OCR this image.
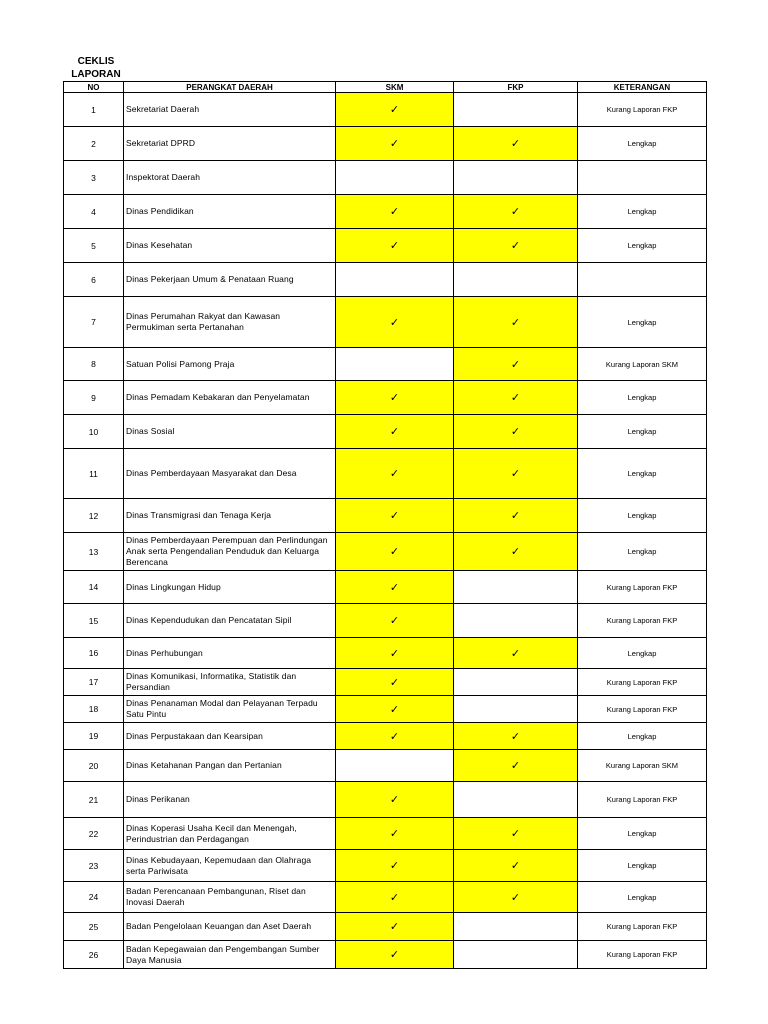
CEKLIS
LAPORAN
NO	PERANGKAT DAERAH	SKM	FKP	KETERANGAN
1	Sekretariat Daerah	✓		Kurang Laporan FKP
2	Sekretariat DPRD	✓	✓	Lengkap
3	Inspektorat Daerah			
4	Dinas Pendidikan	✓	✓	Lengkap
5	Dinas Kesehatan	✓	✓	Lengkap
6	Dinas Pekerjaan Umum & Penataan Ruang			
7	Dinas Perumahan Rakyat dan Kawasan Permukiman serta Pertanahan	✓	✓	Lengkap
8	Satuan Polisi Pamong Praja		✓	Kurang Laporan SKM
9	Dinas Pemadam Kebakaran dan Penyelamatan	✓	✓	Lengkap
10	Dinas Sosial	✓	✓	Lengkap
11	Dinas Pemberdayaan Masyarakat dan Desa	✓	✓	Lengkap
12	Dinas Transmigrasi dan Tenaga Kerja	✓	✓	Lengkap
13	Dinas Pemberdayaan Perempuan dan Perlindungan Anak serta Pengendalian Penduduk dan Keluarga Berencana	✓	✓	Lengkap
14	Dinas Lingkungan Hidup	✓		Kurang Laporan FKP
15	Dinas Kependudukan dan Pencatatan Sipil	✓		Kurang Laporan FKP
16	Dinas Perhubungan	✓	✓	Lengkap
17	Dinas Komunikasi, Informatika, Statistik dan Persandian	✓		Kurang Laporan FKP
18	Dinas Penanaman Modal dan Pelayanan Terpadu Satu Pintu	✓		Kurang Laporan FKP
19	Dinas Perpustakaan dan Kearsipan	✓	✓	Lengkap
20	Dinas Ketahanan Pangan dan Pertanian		✓	Kurang Laporan SKM
21	Dinas Perikanan	✓		Kurang Laporan FKP
22	Dinas Koperasi Usaha Kecil dan Menengah, Perindustrian dan Perdagangan	✓	✓	Lengkap
23	Dinas Kebudayaan, Kepemudaan dan Olahraga serta Pariwisata	✓	✓	Lengkap
24	Badan Perencanaan Pembangunan, Riset dan Inovasi Daerah	✓	✓	Lengkap
25	Badan Pengelolaan Keuangan dan Aset Daerah	✓		Kurang Laporan FKP
26	Badan Kepegawaian dan Pengembangan Sumber Daya Manusia	✓		Kurang Laporan FKP
